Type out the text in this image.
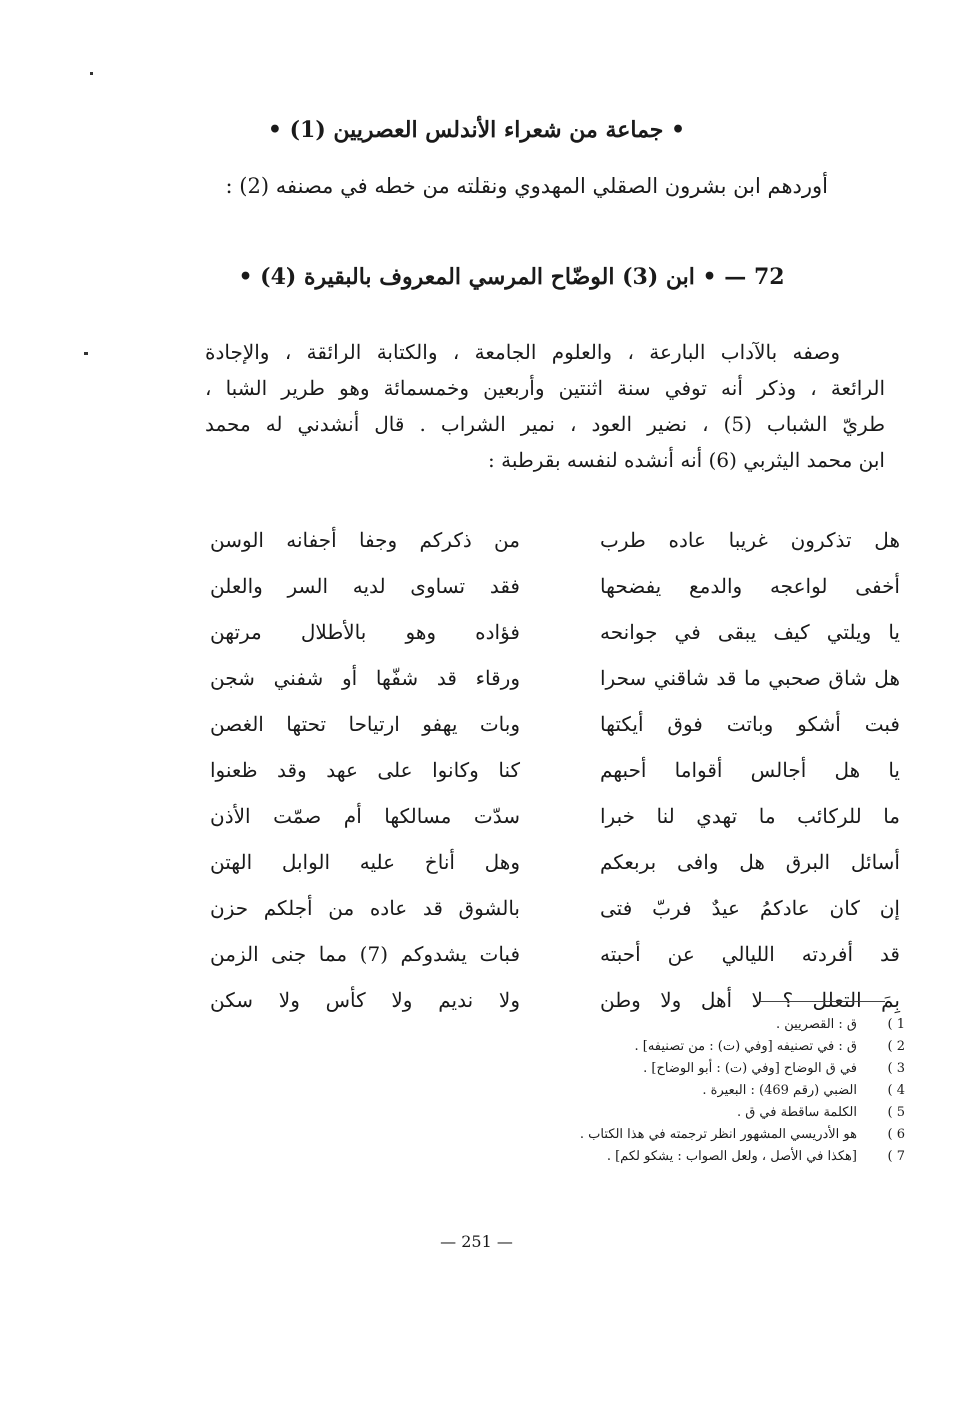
• جماعة من شعراء الأندلس العصريين (1) •
أوردهم ابن بشرون الصقلي المهدوي ونقلته من خطه في مصنفه (2) :
72 — • ابن (3) الوضّاح المرسي المعروف بالبقيرة (4) •
وصفه بالآداب البارعة ، والعلوم الجامعة ، والكتابة الرائقة ، والإجادة
الرائعة ، وذكر أنه توفي سنة اثنتين وأربعين وخمسمائة وهو طرير الشبا ،
طريّ الشباب (5) ، نضير العود ، نمير الشراب . قال أنشدني له محمد
ابن محمد اليثربي (6) أنه أنشده لنفسه بقرطبة :
هل تذكرون غريبا عاده طرب
من ذكركم وجفا أجفانه الوسن
أخفى لواعجه والدمع يفضحها
فقد تساوى لديه السر والعلن
يا ويلتي كيف يبقى في جوانحه
فؤاده وهو بالأطلال مرتهن
هل شاق صحبي ما قد شاقني سحرا
ورقاء قد شفّها أو شفني شجن
فبت أشكو وباتت فوق أيكتها
وبات يهفو ارتياحا تحتها الغصن
يا هل أجالس أقواما أحبهم
كنا وكانوا على عهد وقد ظعنوا
ما للركائب ما تهدي لنا خبرا
سدّت مسالكها أم صمّت الأذن
أسائل البرق هل وافى بربعكم
وهل أناخ عليه الوابل الهتن
إن كان عادكمُ عيدٌ فربّ فتى
بالشوق قد عاده من أجلكم حزن
قد أفردته الليالي عن أحبته
فبات يشدوكم (7) مما جنى الزمن
بِمَ التعلل ؟ لا أهل ولا وطن
ولا نديم ولا كأس ولا سكن
1 )
ق : القصريين .
2 )
ق : في تصنيفه [وفي (ت) : من تصنيفه] .
3 )
في ق الوضاح [وفي (ت) : أبو الوضاح] .
4 )
الضبي (رقم 469) : البعيرة .
5 )
الكلمة ساقطة في ق .
6 )
هو الأدريسي المشهور انظر ترجمته في هذا الكتاب .
7 )
[هكذا في الأصل ، ولعل الصواب : يشكو لكم] .
— 251 —
